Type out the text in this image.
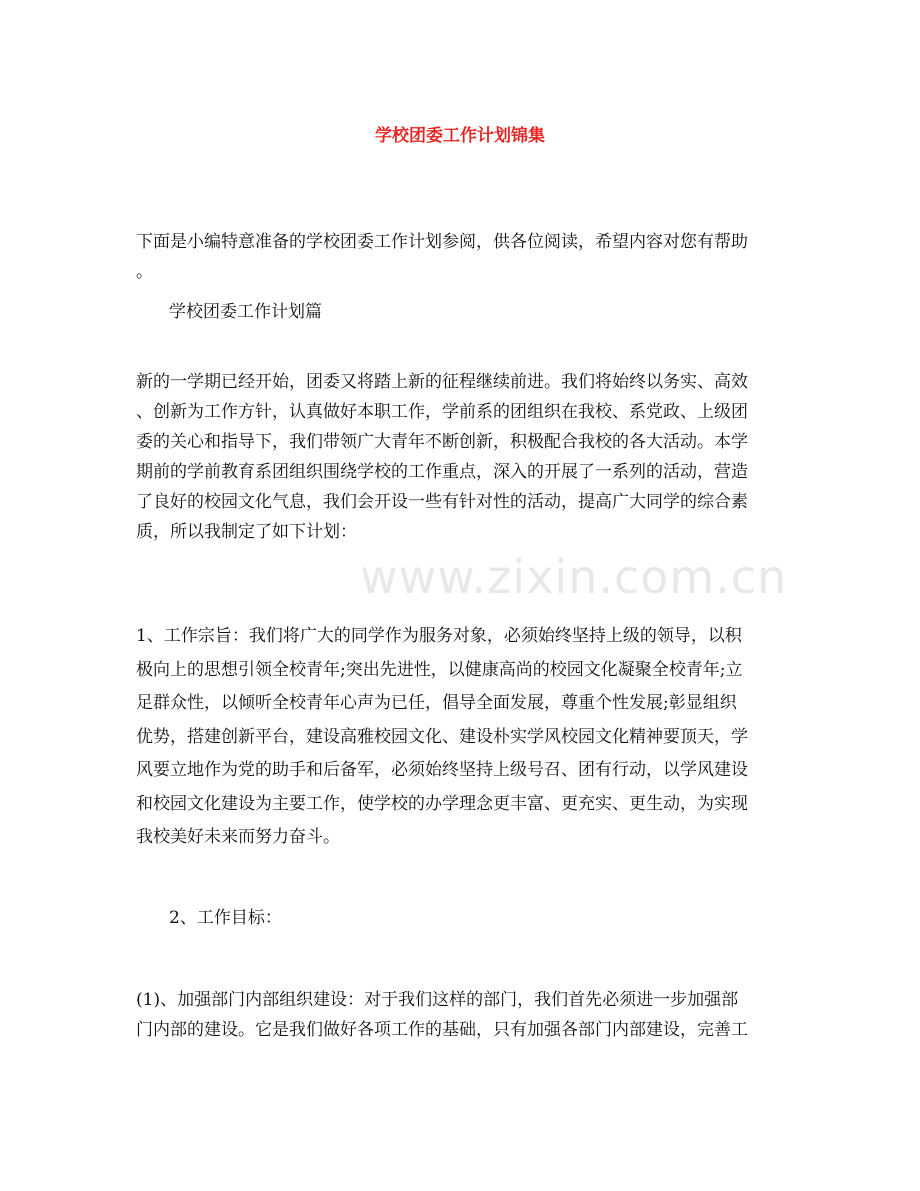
学校团委工作计划锦集
下面是小编特意准备的学校团委工作计划参阅，供各位阅读，希望内容对您有帮助
。
学校团委工作计划篇
新的一学期已经开始，团委又将踏上新的征程继续前进。我们将始终以务实、高效
、创新为工作方针，认真做好本职工作，学前系的团组织在我校、系党政、上级团
委的关心和指导下，我们带领广大青年不断创新，积极配合我校的各大活动。本学
期前的学前教育系团组织围绕学校的工作重点，深入的开展了一系列的活动，营造
了良好的校园文化气息，我们会开设一些有针对性的活动，提高广大同学的综合素
质，所以我制定了如下计划：
www.zixin.com.cn
1、工作宗旨：我们将广大的同学作为服务对象，必须始终坚持上级的领导，以积
极向上的思想引领全校青年;突出先进性，以健康高尚的校园文化凝聚全校青年;立
足群众性，以倾听全校青年心声为已任，倡导全面发展，尊重个性发展;彰显组织
优势，搭建创新平台，建设高雅校园文化、建设朴实学风校园文化精神要顶天，学
风要立地作为党的助手和后备军，必须始终坚持上级号召、团有行动，以学风建设
和校园文化建设为主要工作，使学校的办学理念更丰富、更充实、更生动，为实现
我校美好未来而努力奋斗。
2、工作目标：
(1)、加强部门内部组织建设：对于我们这样的部门，我们首先必须进一步加强部
门内部的建设。它是我们做好各项工作的基础，只有加强各部门内部建设，完善工
